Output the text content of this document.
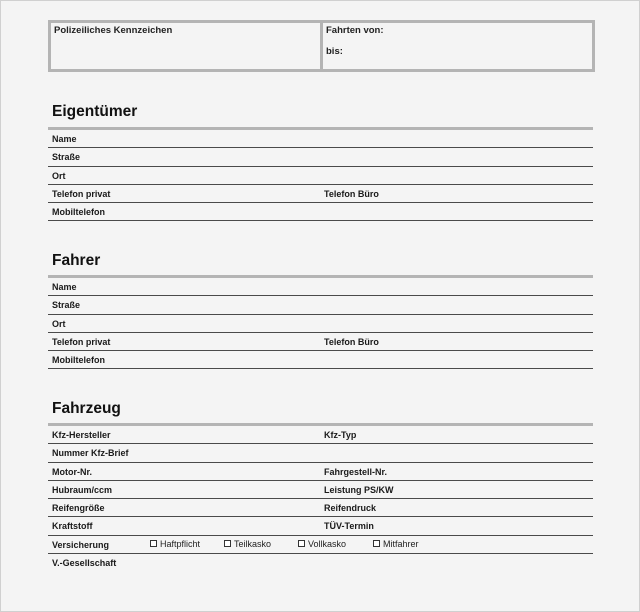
Polizeiliches Kennzeichen	Fahrten von:
bis:
Eigentümer
Name
Straße
Ort
Telefon privat	Telefon Büro
Mobiltelefon
Fahrer
Name
Straße
Ort
Telefon privat	Telefon Büro
Mobiltelefon
Fahrzeug
Kfz-Hersteller	Kfz-Typ
Nummer Kfz-Brief
Motor-Nr.	Fahrgestell-Nr.
Hubraum/ccm	Leistung PS/KW
Reifengröße	Reifendruck
Kraftstoff	TÜV-Termin
Versicherung	Haftpflicht	Teilkasko	Vollkasko	Mitfahrer
V.-Gesellschaft
